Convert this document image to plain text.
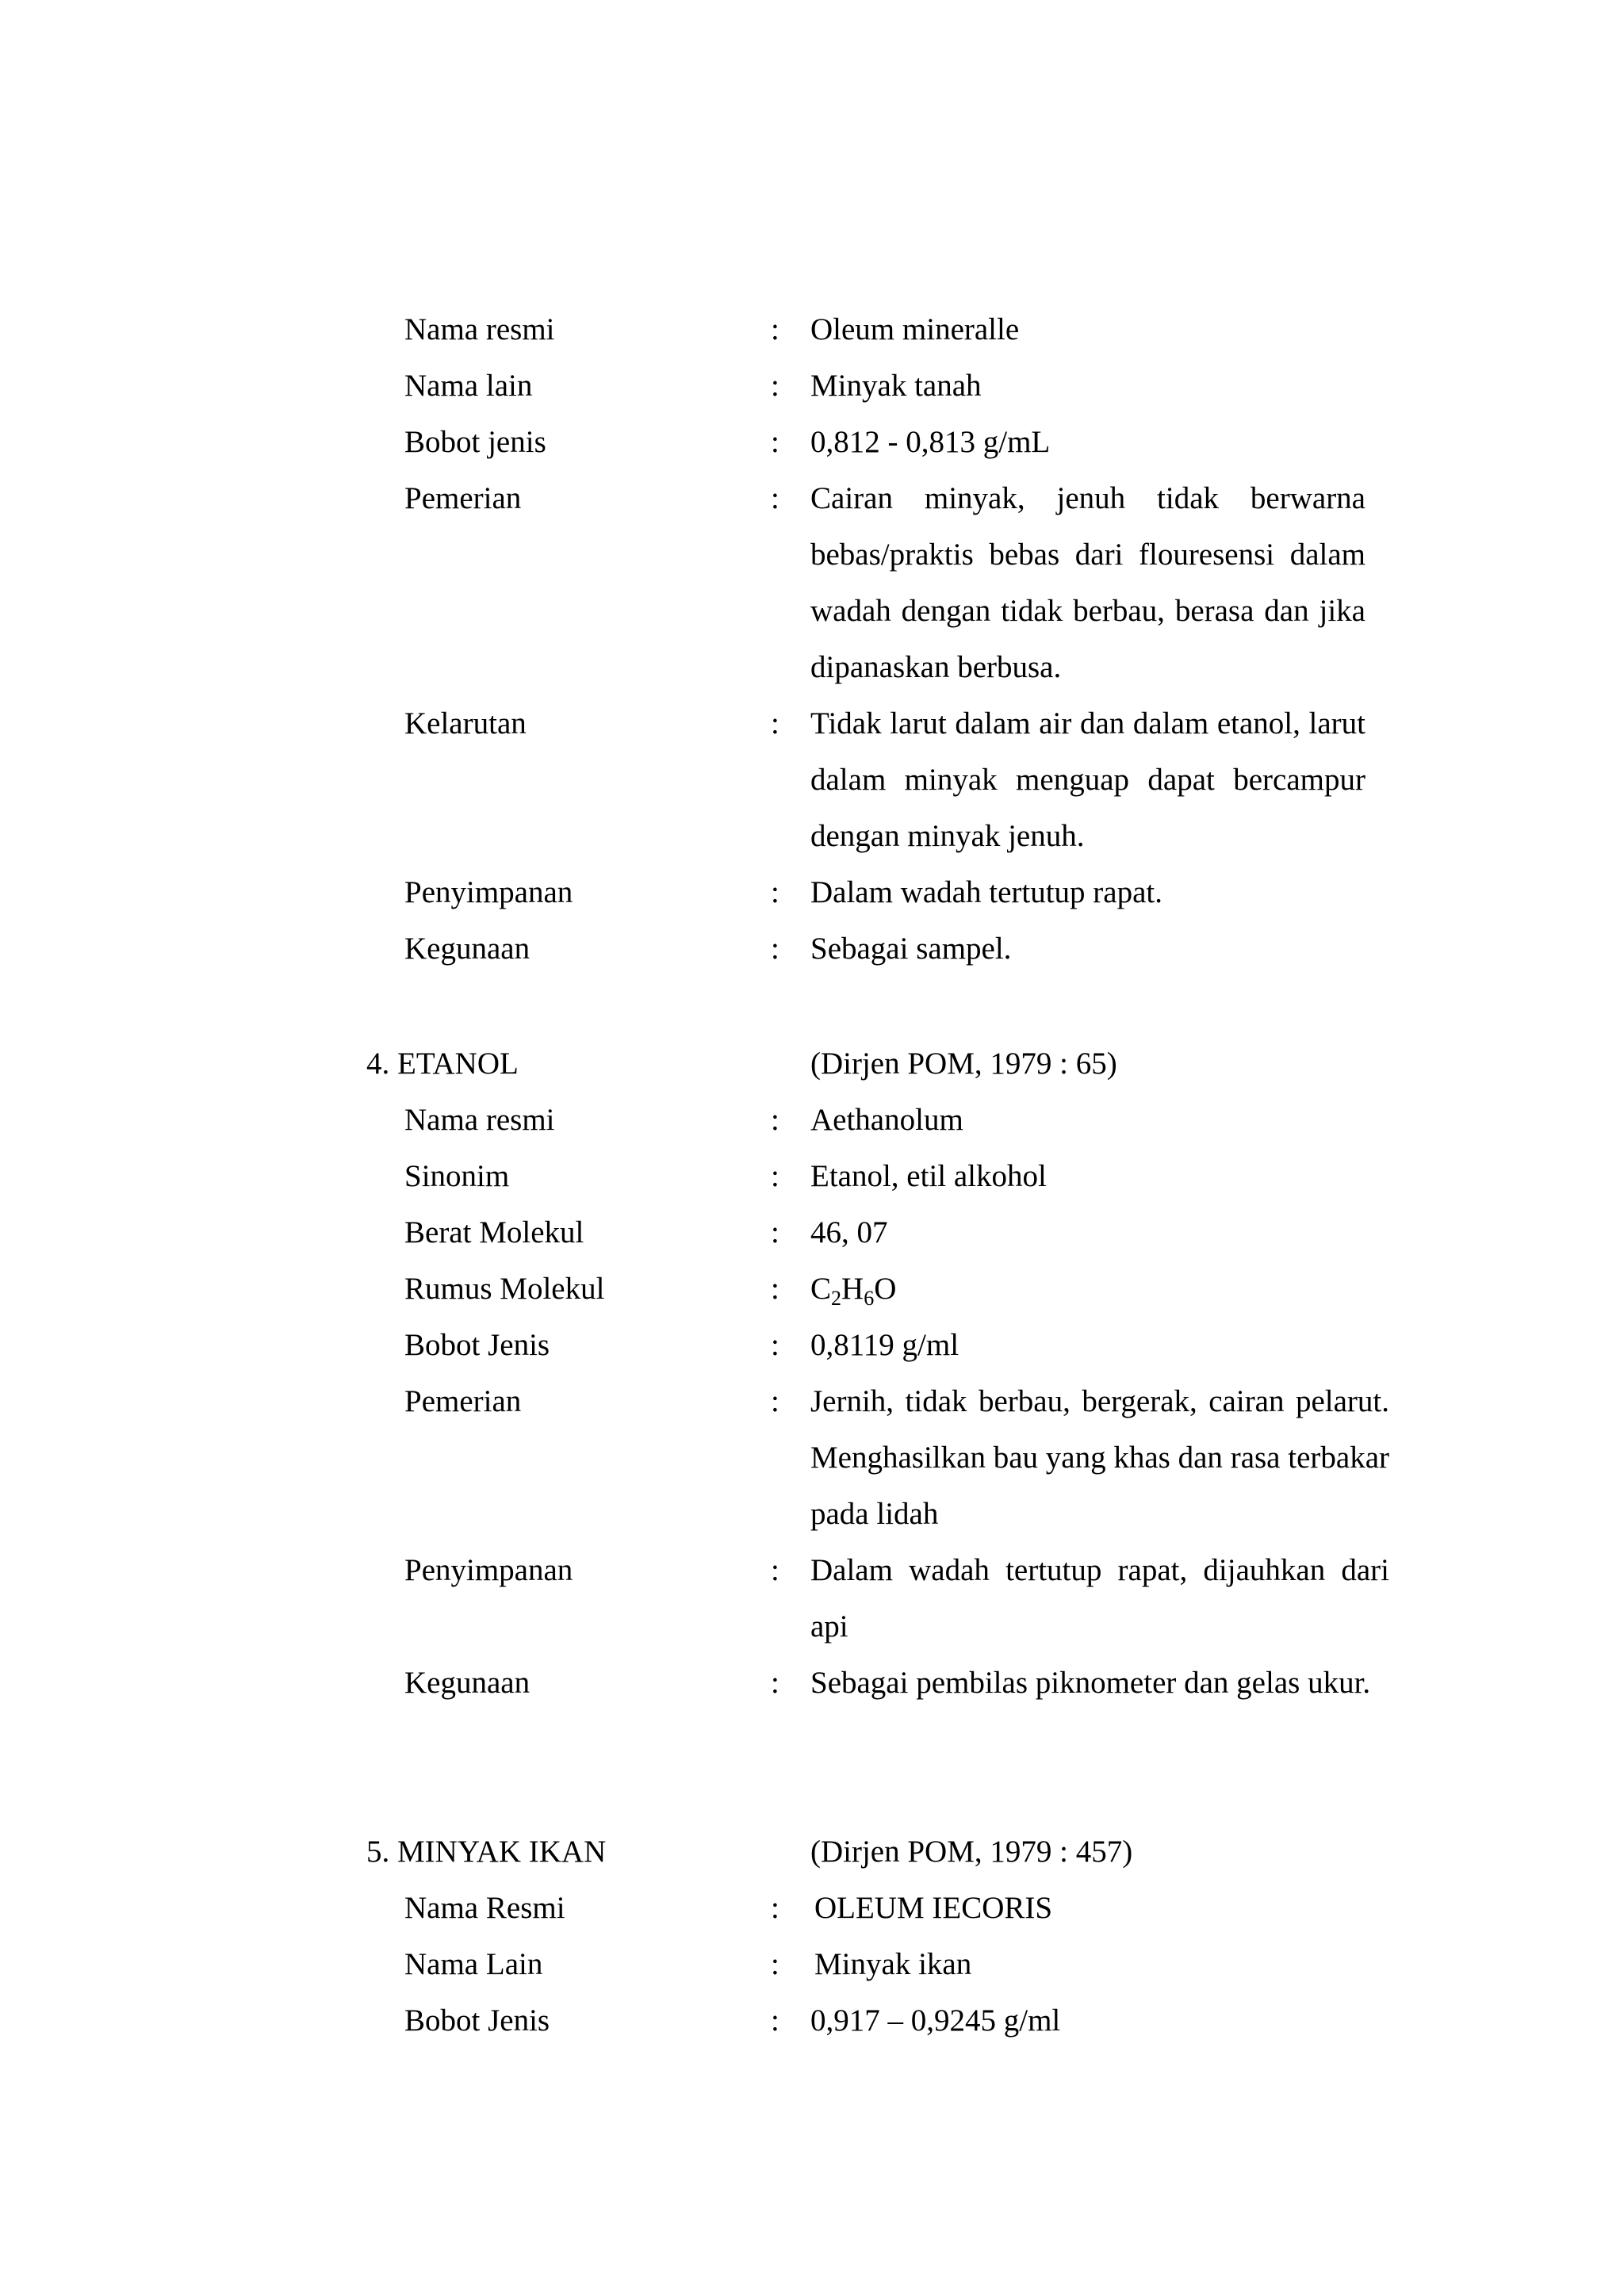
Nama resmi	: Oleum mineralle
Nama lain	: Minyak tanah
Bobot jenis	: 0,812 - 0,813 g/mL
Pemerian	: Cairan minyak, jenuh tidak berwarna bebas/praktis bebas dari flouresensi dalam wadah dengan tidak berbau, berasa dan jika dipanaskan berbusa.
Kelarutan	: Tidak larut dalam air dan dalam etanol, larut dalam minyak menguap dapat bercampur dengan minyak jenuh.
Penyimpanan	: Dalam wadah tertutup rapat.
Kegunaan	: Sebagai sampel.
4. ETANOL	(Dirjen POM, 1979 : 65)
Nama resmi	: Aethanolum
Sinonim	: Etanol, etil alkohol
Berat Molekul	: 46, 07
Rumus Molekul	: $C_2H_6O$
Bobot Jenis	: 0,8119 g/ml
Pemerian	: Jernih, tidak berbau, bergerak, cairan pelarut. Menghasilkan bau yang khas dan rasa terbakar pada lidah
Penyimpanan	: Dalam wadah tertutup rapat, dijauhkan dari api
Kegunaan	: Sebagai pembilas piknometer dan gelas ukur.
5. MINYAK IKAN	(Dirjen POM, 1979 : 457)
Nama Resmi	: OLEUM IECORIS
Nama Lain	: Minyak ikan
Bobot Jenis	: 0,917 – 0,9245 g/ml
